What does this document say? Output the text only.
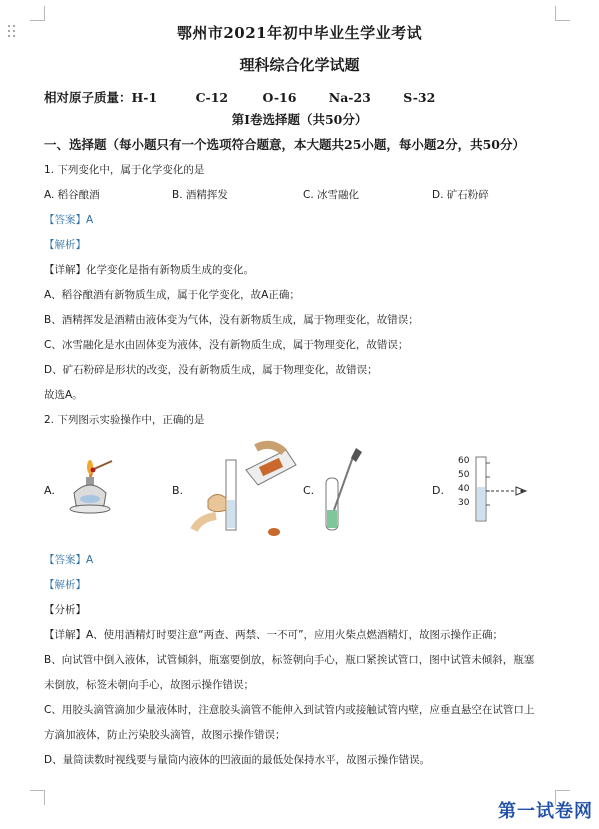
鄂州市2021年初中毕业生学业考试
理科综合化学试题
相对原子质量：H-1	C-12	O-16	Na-23	S-32
第Ⅰ卷选择题（共50分）
一、选择题（每小题只有一个选项符合题意，本大题共25小题，每小题2分，共50分）
1. 下列变化中，属于化学变化的是
A. 稻谷酿酒	B. 酒精挥发	C. 冰雪融化	D. 矿石粉碎
【答案】A
【解析】
【详解】化学变化是指有新物质生成的变化。
A、稻谷酿酒有新物质生成，属于化学变化，故A正确；
B、酒精挥发是酒精由液体变为气体，没有新物质生成，属于物理变化，故错误；
C、冰雪融化是水由固体变为液体，没有新物质生成，属于物理变化，故错误；
D、矿石粉碎是形状的改变，没有新物质生成，属于物理变化，故错误；
故选A。
2. 下列图示实验操作中，正确的是
A.	B.	C.	D.
60
50
40
30
【答案】A
【解析】
【分析】
【详解】A、使用酒精灯时要注意“两查、两禁、一不可”，应用火柴点燃酒精灯，故图示操作正确；
B、向试管中倒入液体，试管倾斜，瓶塞要倒放，标签朝向手心，瓶口紧挨试管口，图中试管未倾斜，瓶塞
未倒放，标签未朝向手心，故图示操作错误；
C、用胶头滴管滴加少量液体时，注意胶头滴管不能伸入到试管内或接触试管内壁，应垂直悬空在试管口上
方滴加液体，防止污染胶头滴管，故图示操作错误；
D、量筒读数时视线要与量筒内液体的凹液面的最低处保持水平，故图示操作错误。
第一试卷网
